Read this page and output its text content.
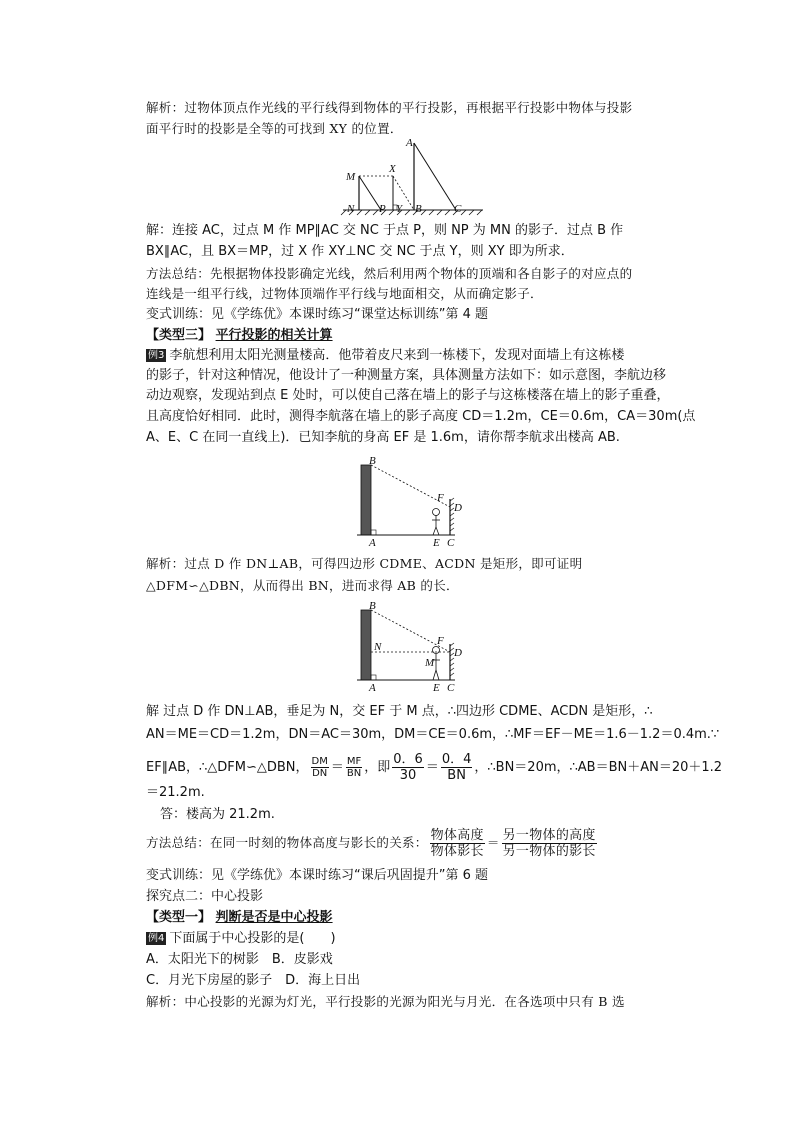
解析：过物体顶点作光线的平行线得到物体的平行投影，再根据平行投影中物体与投影
面平行时的投影是全等的可找到 XY 的位置．
M
X
N P Y B	C
A
解：连接 AC，过点 M 作 MP∥AC 交 NC 于点 P，则 NP 为 MN 的影子．过点 B 作
BX∥AC，且 BX＝MP，过 X 作 XY⊥NC 交 NC 于点 Y，则 XY 即为所求．
方法总结：先根据物体投影确定光线，然后利用两个物体的顶端和各自影子的对应点的
连线是一组平行线，过物体顶端作平行线与地面相交，从而确定影子．
变式训练：见《学练优》本课时练习“课堂达标训练”第 4 题
【类型三】 平行投影的相关计算
例3 李航想利用太阳光测量楼高．他带着皮尺来到一栋楼下，发现对面墙上有这栋楼
的影子，针对这种情况，他设计了一种测量方案，具体测量方法如下：如示意图，李航边移
动边观察，发现站到点 E 处时，可以使自己落在墙上的影子与这栋楼落在墙上的影子重叠，
且高度恰好相同．此时，测得李航落在墙上的影子高度 CD＝1.2m，CE＝0.6m，CA＝30m(点
A、E、C 在同一直线上)．已知李航的身高 EF 是 1.6m，请你帮李航求出楼高 AB.
B
F
D
A	E C
解析：过点 D 作 DN⊥AB，可得四边形 CDME、ACDN 是矩形，即可证明
△DFM∽△DBN，从而得出 BN，进而求得 AB 的长．
B
N	F
M
D
A	E C
解 过点 D 作 DN⊥AB，垂足为 N，交 EF 于 M 点，∴四边形 CDME、ACDN 是矩形，∴
AN＝ME＝CD＝1.2m，DN＝AC＝30m，DM＝CE＝0.6m，∴MF＝EF－ME＝1.6－1.2＝0.4m.∵
EF∥AB，∴△DFM∽△DBN， $\frac{DM}{DN} = \frac{MF}{BN}$ ，即 $\frac{0.6}{30} = \frac{0.4}{BN}$ ，∴BN＝20m，∴AB＝BN＋AN＝20＋1.2
＝21.2m.
答：楼高为 21.2m.
方法总结：在同一时刻的物体高度与影长的关系： $\frac{\text{物体高度}}{\text{物体影长}} = \frac{\text{另一物体的高度}}{\text{另一物体的影长}}$
变式训练：见《学练优》本课时练习“课后巩固提升”第 6 题
探究点二：中心投影
【类型一】 判断是否是中心投影
例4 下面属于中心投影的是(　　)
A．太阳光下的树影　B．皮影戏
C．月光下房屋的影子　D．海上日出
解析：中心投影的光源为灯光，平行投影的光源为阳光与月光．在各选项中只有 B 选
